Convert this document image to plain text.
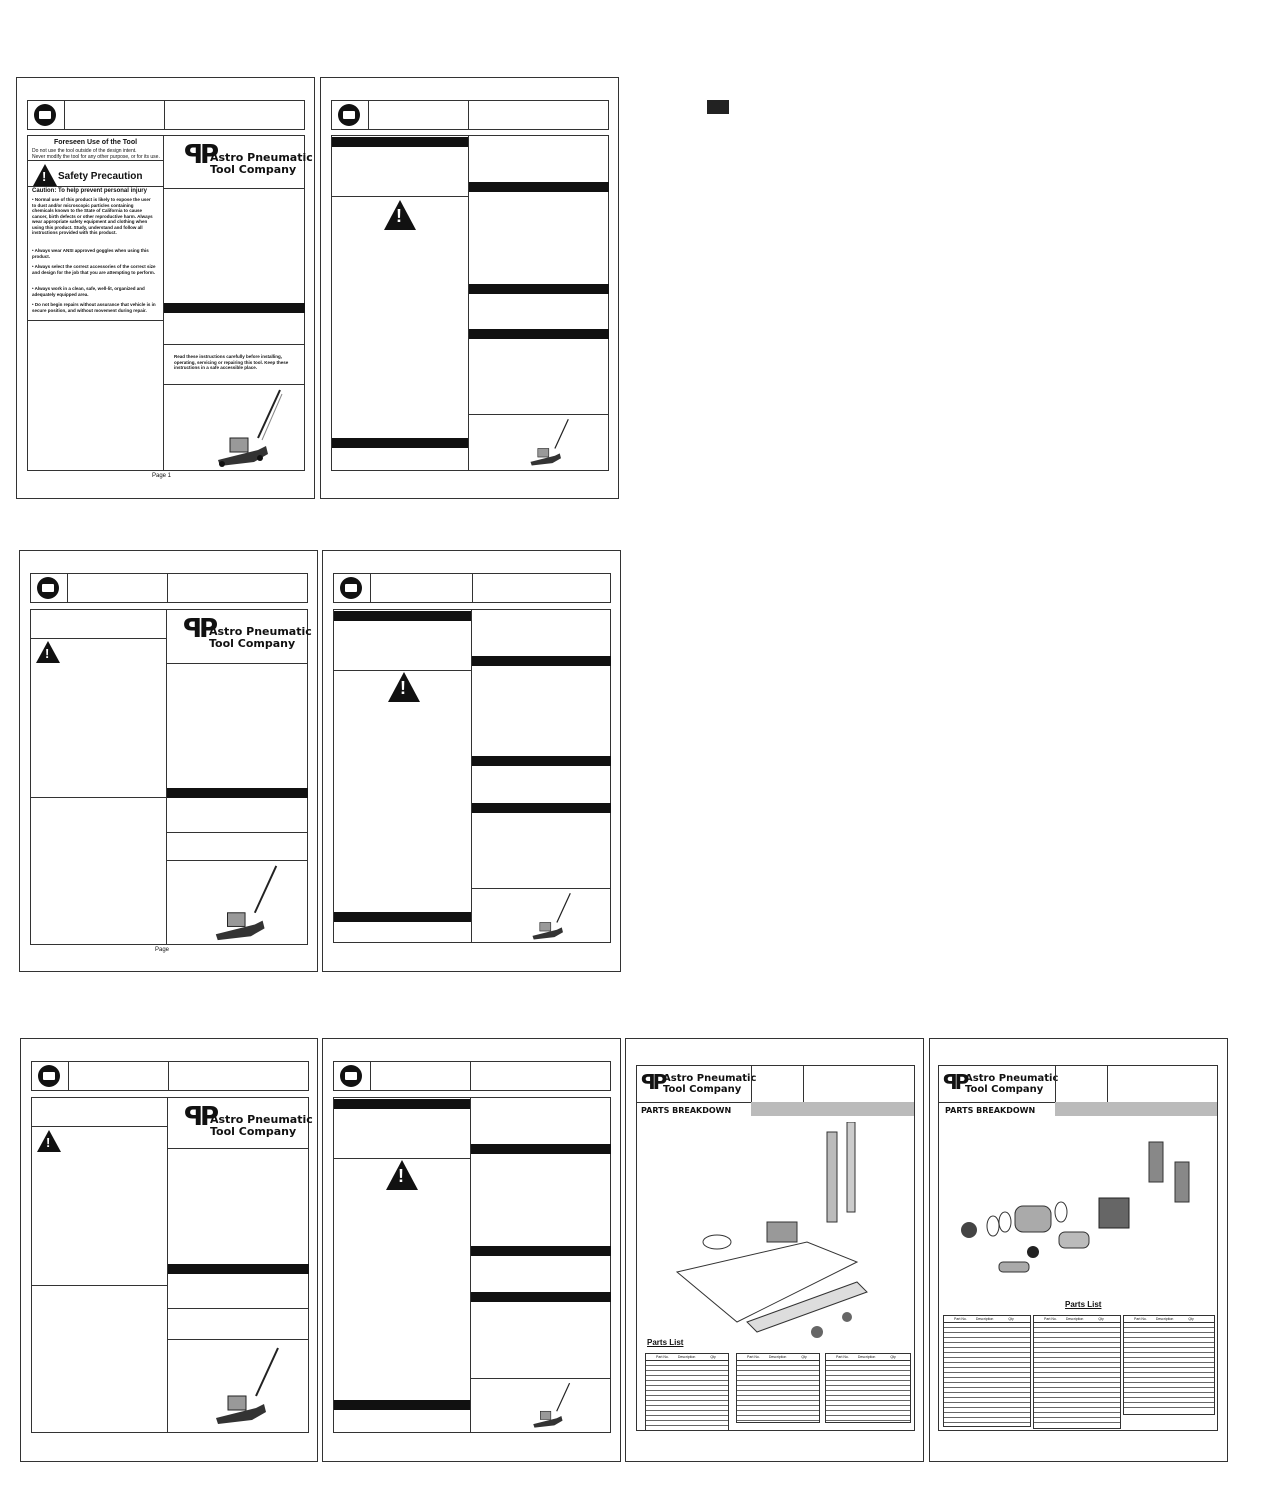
Foreseen Use of the Tool
Do not use the tool outside of the design intent.
Never modify the tool for any other purpose, or for its use.
!
Safety Precaution
Caution: To help prevent personal injury
• Normal use of this product is likely to expose the user to dust and/or microscopic particles containing chemicals known to the State of California to cause cancer, birth defects or other reproductive harm. Always wear appropriate safety equipment and clothing when using this product. Study, understand and follow all instructions provided with this product.
• Always wear ANSI approved goggles when using this product.
• Always select the correct accessories of the correct size and design for the job that you are attempting to perform.
• Always work in a clean, safe, well-lit, organized and adequately equipped area.
• Do not begin repairs without assurance that vehicle is in secure position, and without movement during repair.
ꟼP
Astro Pneumatic
Tool Company
Read these instructions carefully before installing, operating, servicing or repairing this tool. Keep these instructions in a safe accessible place.
Page 1
!
!
ꟼP
Astro Pneumatic
Tool Company
Page
!
!
ꟼP
Astro Pneumatic
Tool Company
!
ꟼP
Astro Pneumatic
Tool Company
PARTS BREAKDOWN
Parts List
Part No.	Description	Qty	Part No.	Description	Qty	Part No.	Description	Qty
ꟼP
Astro Pneumatic
Tool Company
PARTS BREAKDOWN
Parts List
Part No.	Description	Qty	Part No.	Description	Qty	Part No.	Description	Qty
